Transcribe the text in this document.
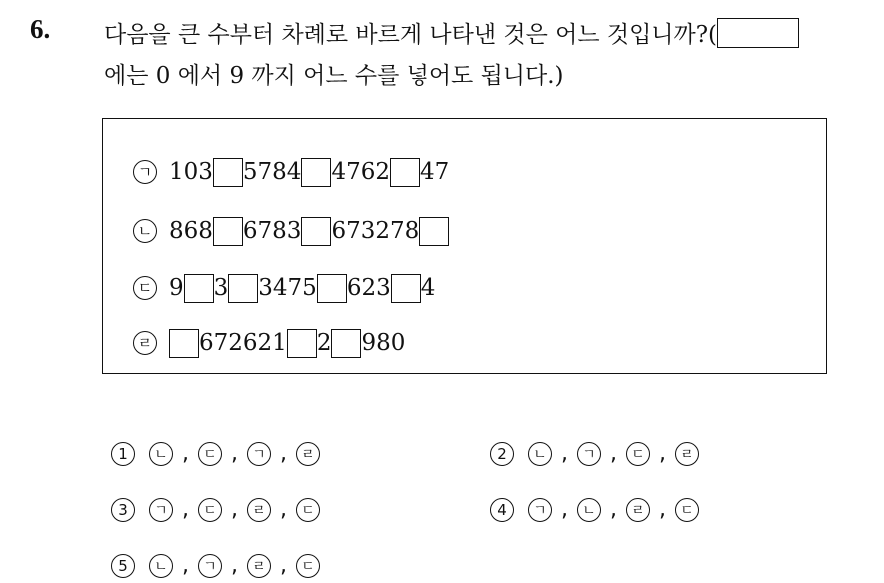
6. 다음을 큰 수부터 차례로 바르게 나타낸 것은 어느 것입니까?(
에는 0 에서 9 까지 어느 수를 넣어도 됩니다.)
ㄱ 103 5784 4762 47
ㄴ 868 6783 673278
ㄷ 9 3 3475 623 4
ㄹ 672621 2 980
1	ㄴ ,	ㄷ ,	ㄱ ,	ㄹ	2	ㄴ ,	ㄱ ,	ㄷ ,	ㄹ
3	ㄱ ,	ㄷ ,	ㄹ ,	ㄷ	4	ㄱ ,	ㄴ ,	ㄹ ,	ㄷ
5	ㄴ ,	ㄱ ,	ㄹ ,	ㄷ
